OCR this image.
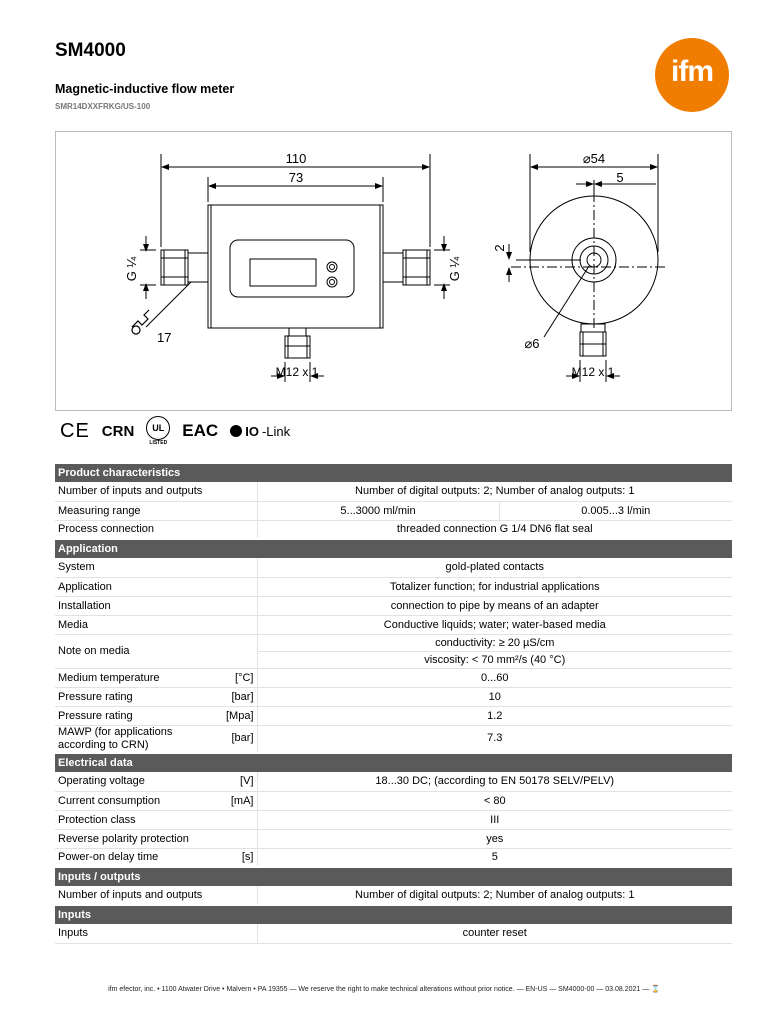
SM4000
Magnetic-inductive flow meter
SMR14DXXFRKG/US-100
ifm
110
73
G ¼	G ¼
17
M12 x 1
⌀54
5
2
⌀6
M12 x 1
CE CRN	UL
LISTED
EAC IO -Link
Product characteristics				
Number of inputs and outputs			Number of digital outputs: 2; Number of analog outputs: 1	
Measuring range			5...3000 ml/min	0.005...3 l/min
Process connection			threaded connection G 1/4 DN6 flat seal	
Application				
System			gold-plated contacts	
Application			Totalizer function; for industrial applications	
Installation			connection to pipe by means of an adapter	
Media			Conductive liquids; water; water-based media	
Note on media			conductivity: ≥ 20 µS/cm	
			viscosity: < 70 mm²/s (40 °C)	
Medium temperature	[°C]		0...60	
Pressure rating	[bar]		10	
Pressure rating	[Mpa]		1.2	
MAWP (for applications according to CRN)	[bar]		7.3	
Electrical data				
Operating voltage	[V]		18...30 DC; (according to EN 50178 SELV/PELV)	
Current consumption	[mA]		< 80	
Protection class			III	
Reverse polarity protection			yes	
Power-on delay time	[s]		5	
Inputs / outputs				
Number of inputs and outputs			Number of digital outputs: 2; Number of analog outputs: 1	
Inputs				
Inputs			counter reset	
ifm efector, inc. • 1100 Atwater Drive • Malvern • PA 19355 — We reserve the right to make technical alterations without prior notice. — EN-US — SM4000-00 — 03.08.2021 — ⌛
